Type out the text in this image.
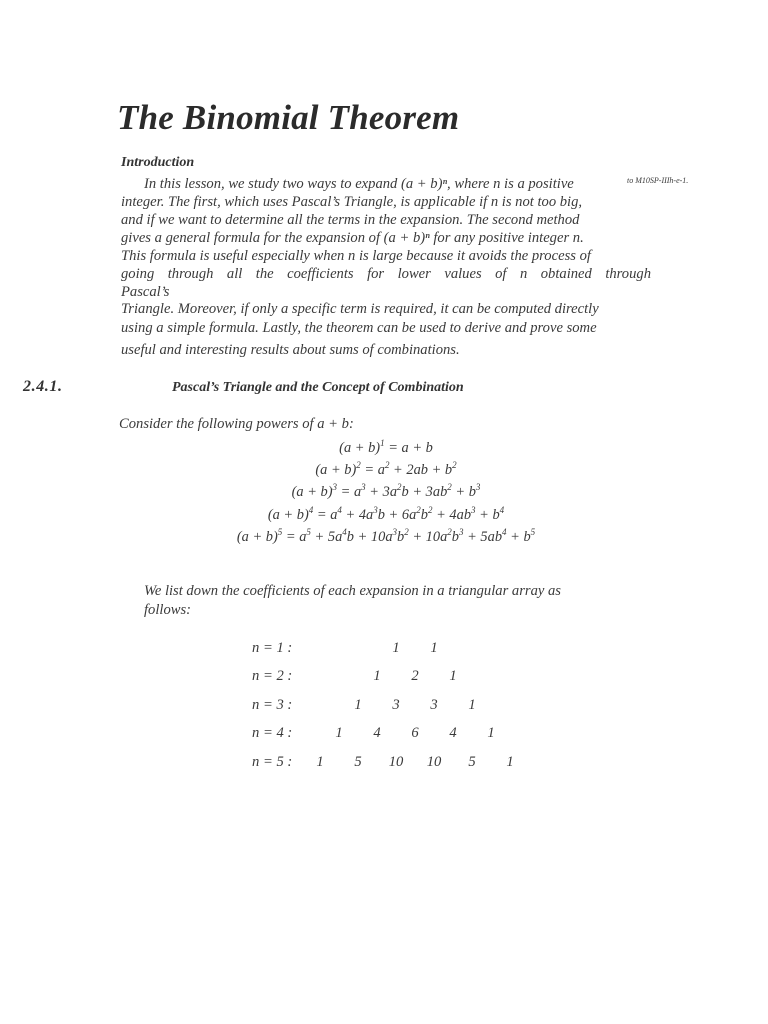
The Binomial Theorem
Introduction
to M10SP-IIIh-e-1.
In this lesson, we study two ways to expand (a + b)ⁿ, where n is a positive
integer. The first, which uses Pascal’s Triangle, is applicable if n is not too big,
and if we want to determine all the terms in the expansion. The second method
gives a general formula for the expansion of (a + b)ⁿ for any positive integer n.
This formula is useful especially when n is large because it avoids the process of
going through all the coefficients for lower values of n obtained through
Pascal’s
Triangle. Moreover, if only a specific term is required, it can be computed directly
using a simple formula. Lastly, the theorem can be used to derive and prove some
useful and interesting results about sums of combinations.
2.4.1.	Pascal’s Triangle and the Concept of Combination
Consider the following powers of a + b:
$(a + b)^1 = a + b$
$(a + b)^2 = a^2 + 2ab + b^2$
$(a + b)^3 = a^3 + 3a^2b + 3ab^2 + b^3$
$(a + b)^4 = a^4 + 4a^3b + 6a^2b^2 + 4ab^3 + b^4$
$(a + b)^5 = a^5 + 5a^4b + 10a^3b^2 + 10a^2b^3 + 5ab^4 + b^5$
We list down the coefficients of each expansion in a triangular array as
follows:
n = 1 :	1	1
n = 2 :	1	2	1
n = 3 :	1	3	3	1
n = 4 :	1	4	6	4	1
n = 5 :	1	5	10	10	5	1
